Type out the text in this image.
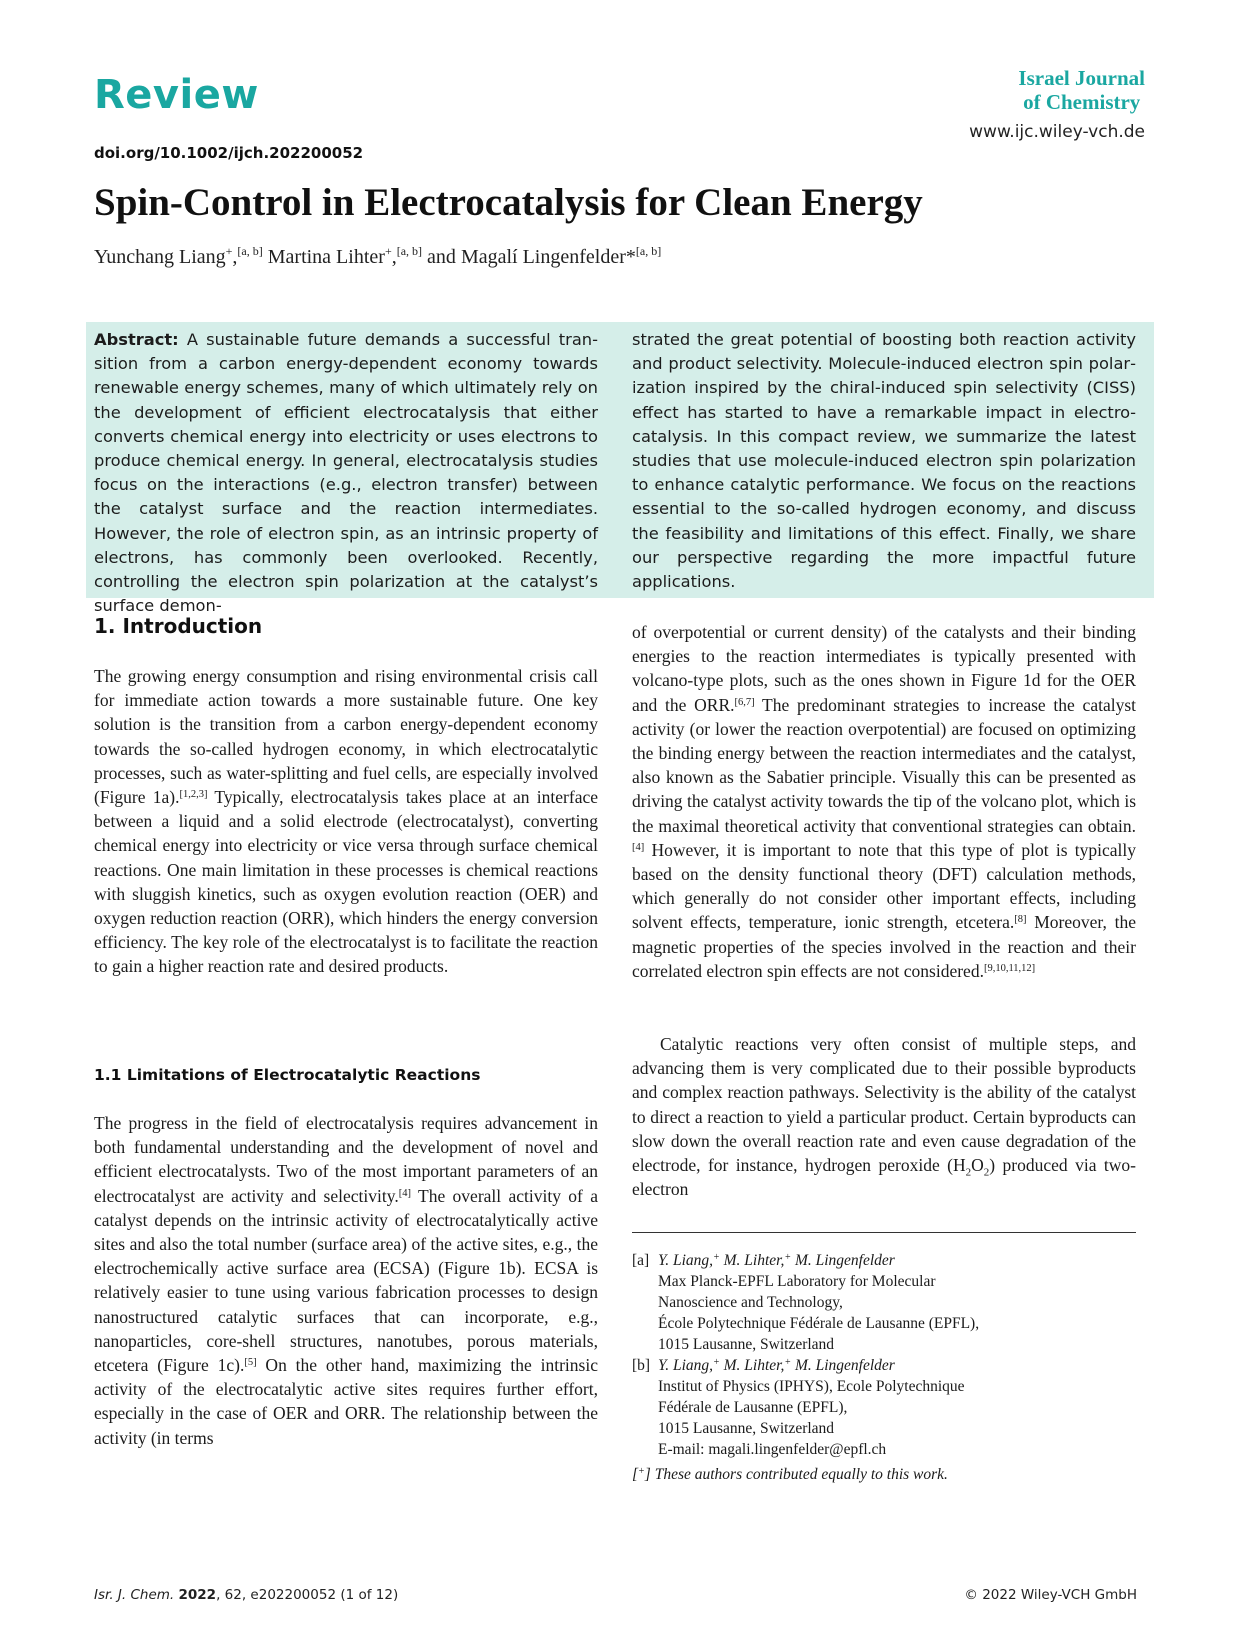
Review
doi.org/10.1002/ijch.202200052
Israel Journal
of Chemistry
www.ijc.wiley-vch.de
Spin-Control in Electrocatalysis for Clean Energy
Yunchang Liang+,[a, b] Martina Lihter+,[a, b] and Magalí Lingenfelder*[a, b]
Abstract: A sustainable future demands a successful transition from a carbon energy-dependent economy towards renewable energy schemes, many of which ultimately rely on the development of efficient electrocatalysis that either converts chemical energy into electricity or uses electrons to produce chemical energy. In general, electrocatalysis studies focus on the interactions (e.g., electron transfer) between the catalyst surface and the reaction intermediates. However, the role of electron spin, as an intrinsic property of electrons, has commonly been overlooked. Recently, controlling the electron spin polarization at the catalyst’s surface demon-
strated the great potential of boosting both reaction activity and product selectivity. Molecule-induced electron spin polarization inspired by the chiral-induced spin selectivity (CISS) effect has started to have a remarkable impact in electrocatalysis. In this compact review, we summarize the latest studies that use molecule-induced electron spin polarization to enhance catalytic performance. We focus on the reactions essential to the so-called hydrogen economy, and discuss the feasibility and limitations of this effect. Finally, we share our perspective regarding the more impactful future applications.
1. Introduction
The growing energy consumption and rising environmental crisis call for immediate action towards a more sustainable future. One key solution is the transition from a carbon energy-dependent economy towards the so-called hydrogen economy, in which electrocatalytic processes, such as water-splitting and fuel cells, are especially involved (Figure 1a).[1,2,3] Typically, electrocatalysis takes place at an interface between a liquid and a solid electrode (electrocatalyst), converting chemical energy into electricity or vice versa through surface chemical reactions. One main limitation in these processes is chemical reactions with sluggish kinetics, such as oxygen evolution reaction (OER) and oxygen reduction reaction (ORR), which hinders the energy conversion efficiency. The key role of the electrocatalyst is to facilitate the reaction to gain a higher reaction rate and desired products.
1.1 Limitations of Electrocatalytic Reactions
The progress in the field of electrocatalysis requires advancement in both fundamental understanding and the development of novel and efficient electrocatalysts. Two of the most important parameters of an electrocatalyst are activity and selectivity.[4] The overall activity of a catalyst depends on the intrinsic activity of electrocatalytically active sites and also the total number (surface area) of the active sites, e.g., the electrochemically active surface area (ECSA) (Figure 1b). ECSA is relatively easier to tune using various fabrication processes to design nanostructured catalytic surfaces that can incorporate, e.g., nanoparticles, core-shell structures, nanotubes, porous materials, etcetera (Figure 1c).[5] On the other hand, maximizing the intrinsic activity of the electrocatalytic active sites requires further effort, especially in the case of OER and ORR. The relationship between the activity (in terms
of overpotential or current density) of the catalysts and their binding energies to the reaction intermediates is typically presented with volcano-type plots, such as the ones shown in Figure 1d for the OER and the ORR.[6,7] The predominant strategies to increase the catalyst activity (or lower the reaction overpotential) are focused on optimizing the binding energy between the reaction intermediates and the catalyst, also known as the Sabatier principle. Visually this can be presented as driving the catalyst activity towards the tip of the volcano plot, which is the maximal theoretical activity that conventional strategies can obtain.[4] However, it is important to note that this type of plot is typically based on the density functional theory (DFT) calculation methods, which generally do not consider other important effects, including solvent effects, temperature, ionic strength, etcetera.[8] Moreover, the magnetic properties of the species involved in the reaction and their correlated electron spin effects are not considered.[9,10,11,12]
Catalytic reactions very often consist of multiple steps, and advancing them is very complicated due to their possible byproducts and complex reaction pathways. Selectivity is the ability of the catalyst to direct a reaction to yield a particular product. Certain byproducts can slow down the overall reaction rate and even cause degradation of the electrode, for instance, hydrogen peroxide $(H_2O_2)$ produced via two-electron
[a] Y. Liang,+ M. Lihter,+ M. Lingenfelder
Max Planck-EPFL Laboratory for Molecular
Nanoscience and Technology,
École Polytechnique Fédérale de Lausanne (EPFL),
1015 Lausanne, Switzerland
[b] Y. Liang,+ M. Lihter,+ M. Lingenfelder
Institut of Physics (IPHYS), Ecole Polytechnique
Fédérale de Lausanne (EPFL),
1015 Lausanne, Switzerland
E-mail: magali.lingenfelder@epfl.ch
[+] These authors contributed equally to this work.
Isr. J. Chem. 2022, 62, e202200052 (1 of 12)	© 2022 Wiley-VCH GmbH
